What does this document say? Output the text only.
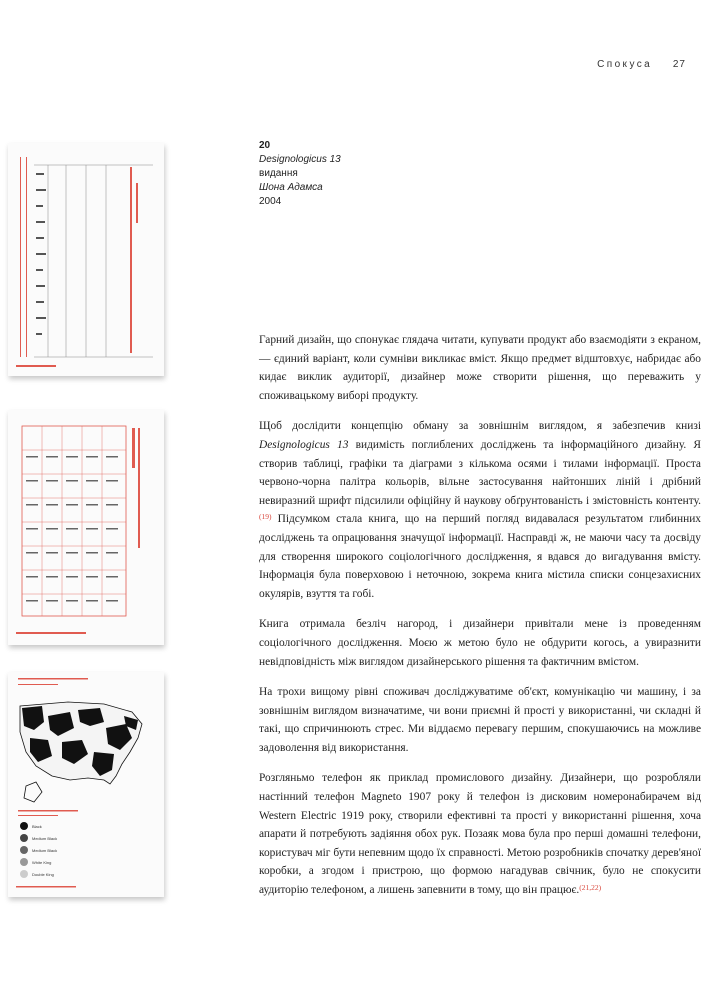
Спокуса 27
20
Designologicus 13
видання
Шона Адамса
2004
Black
Medium Black
Medium Black
White King
Double King

Гарний дизайн, що спонукає глядача читати, купувати продукт або взаємодіяти з екраном, — єдиний варіант, коли сумніви викликає вміст. Якщо предмет відштовхує, набридає або кидає виклик аудиторії, дизайнер може створити рішення, що переважить у споживацькому виборі продукту.

Щоб дослідити концепцію обману за зовнішнім виглядом, я забезпечив книзі Designologicus 13 видимість поглиблених досліджень та інформаційного дизайну. Я створив таблиці, графіки та діаграми з кількома осями і тилами інформації. Проста червоно-чорна палітра кольорів, вільне застосування найтонших ліній і дрібний невиразний шрифт підсилили офіційну й наукову обґрунтованість і змістовність контенту.$^{(19)}$ Підсумком стала книга, що на перший погляд видавалася результатом глибинних досліджень та опрацювання значущої інформації. Насправді ж, не маючи часу та досвіду для створення широкого соціологічного дослідження, я вдався до вигадування вмісту. Інформація була поверховою і неточною, зокрема книга містила списки сонцезахисних окулярів, взуття та гобі.

Книга отримала безліч нагород, і дизайнери привітали мене із проведенням соціологічного дослідження. Моєю ж метою було не обдурити когось, а увиразнити невідповідність між виглядом дизайнерського рішення та фактичним вмістом.

На трохи вищому рівні споживач досліджуватиме об'єкт, комунікацію чи машину, і за зовнішнім виглядом визначатиме, чи вони приємні й прості у використанні, чи складні й такі, що спричинюють стрес. Ми віддаємо перевагу першим, спокушаючись на можливе задоволення від використання.

Розгляньмо телефон як приклад промислового дизайну. Дизайнери, що розробляли настінний телефон Magneto 1907 року й телефон із дисковим номеронабирачем від Western Electric 1919 року, створили ефективні та прості у використанні рішення, хоча апарати й потребують задіяння обох рук. Позаяк мова була про перші домашні телефони, користувач міг бути непевним щодо їх справності. Метою розробників спочатку дерев'яної коробки, а згодом і пристрою, що формою нагадував свічник, було не спокусити аудиторію телефоном, а лишень запевнити в тому, що він працює.$^{(21,22)}$
